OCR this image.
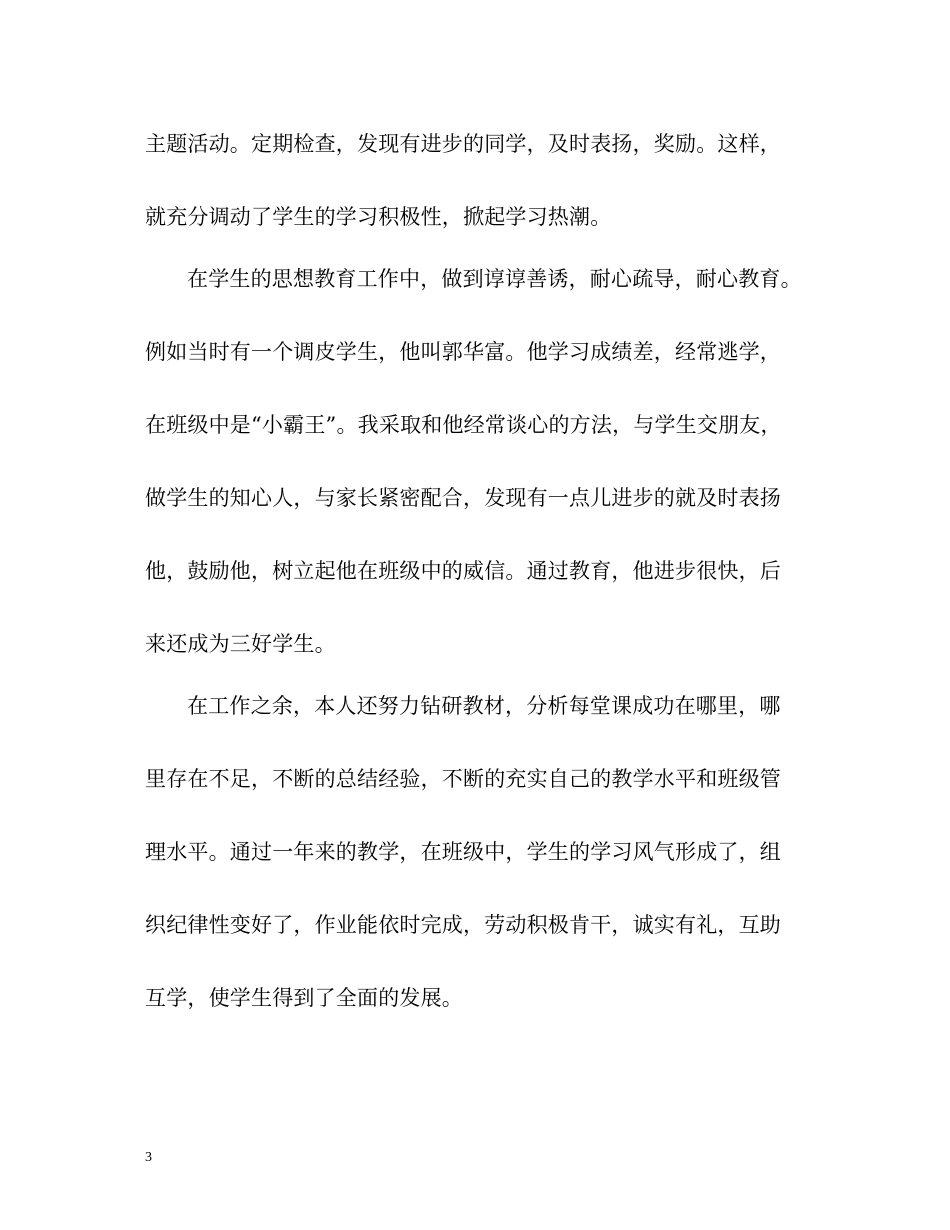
主题活动。定期检查，发现有进步的同学，及时表扬，奖励。这样，
就充分调动了学生的学习积极性，掀起学习热潮。
在学生的思想教育工作中，做到谆谆善诱，耐心疏导，耐心教育。
例如当时有一个调皮学生，他叫郭华富。他学习成绩差，经常逃学，
在班级中是“小霸王”。我采取和他经常谈心的方法，与学生交朋友，
做学生的知心人，与家长紧密配合，发现有一点儿进步的就及时表扬
他，鼓励他，树立起他在班级中的威信。通过教育，他进步很快，后
来还成为三好学生。
在工作之余，本人还努力钻研教材，分析每堂课成功在哪里，哪
里存在不足，不断的总结经验，不断的充实自己的教学水平和班级管
理水平。通过一年来的教学，在班级中，学生的学习风气形成了，组
织纪律性变好了，作业能依时完成，劳动积极肯干，诚实有礼，互助
互学，使学生得到了全面的发展。
3
